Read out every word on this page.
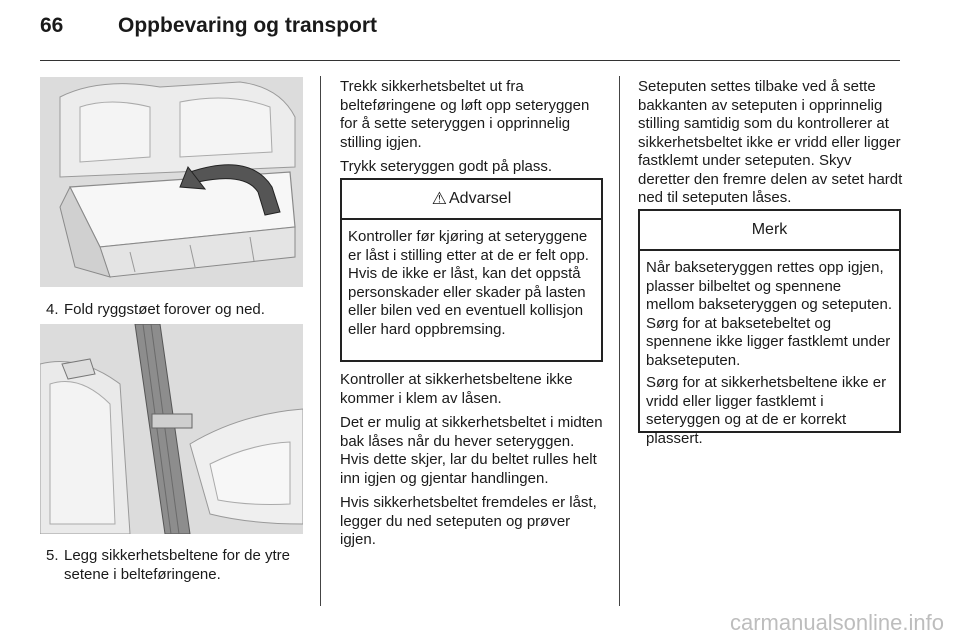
66	Oppbevaring og transport
4. Fold ryggstøet forover og ned.
5. Legg sikkerhetsbeltene for de ytre setene i belteføringene.

Trekk sikkerhetsbeltet ut fra belteføringene og løft opp seteryggen for å sette seteryggen i opprinnelig stilling igjen.

Trykk seteryggen godt på plass.

⚠ Advarsel

Kontroller før kjøring at seteryggene er låst i stilling etter at de er felt opp. Hvis de ikke er låst, kan det oppstå personskader eller skader på lasten eller bilen ved en eventuell kollisjon eller hard oppbremsing.

Kontroller at sikkerhetsbeltene ikke kommer i klem av låsen.

Det er mulig at sikkerhetsbeltet i midten bak låses når du hever seteryggen. Hvis dette skjer, lar du beltet rulles helt inn igjen og gjentar handlingen.

Hvis sikkerhetsbeltet fremdeles er låst, legger du ned seteputen og prøver igjen.

Seteputen settes tilbake ved å sette bakkanten av seteputen i opprinnelig stilling samtidig som du kontrollerer at sikkerhetsbeltet ikke er vridd eller ligger fastklemt under seteputen. Skyv deretter den fremre delen av setet hardt ned til seteputen låses.

Merk

Når bakseteryggen rettes opp igjen, plasser bilbeltet og spennene mellom bakseteryggen og seteputen. Sørg for at baksetebeltet og spennene ikke ligger fastklemt under bakseteputen.

Sørg for at sikkerhetsbeltene ikke er vridd eller ligger fastklemt i seteryggen og at de er korrekt plassert.

carmanualsonline.info
